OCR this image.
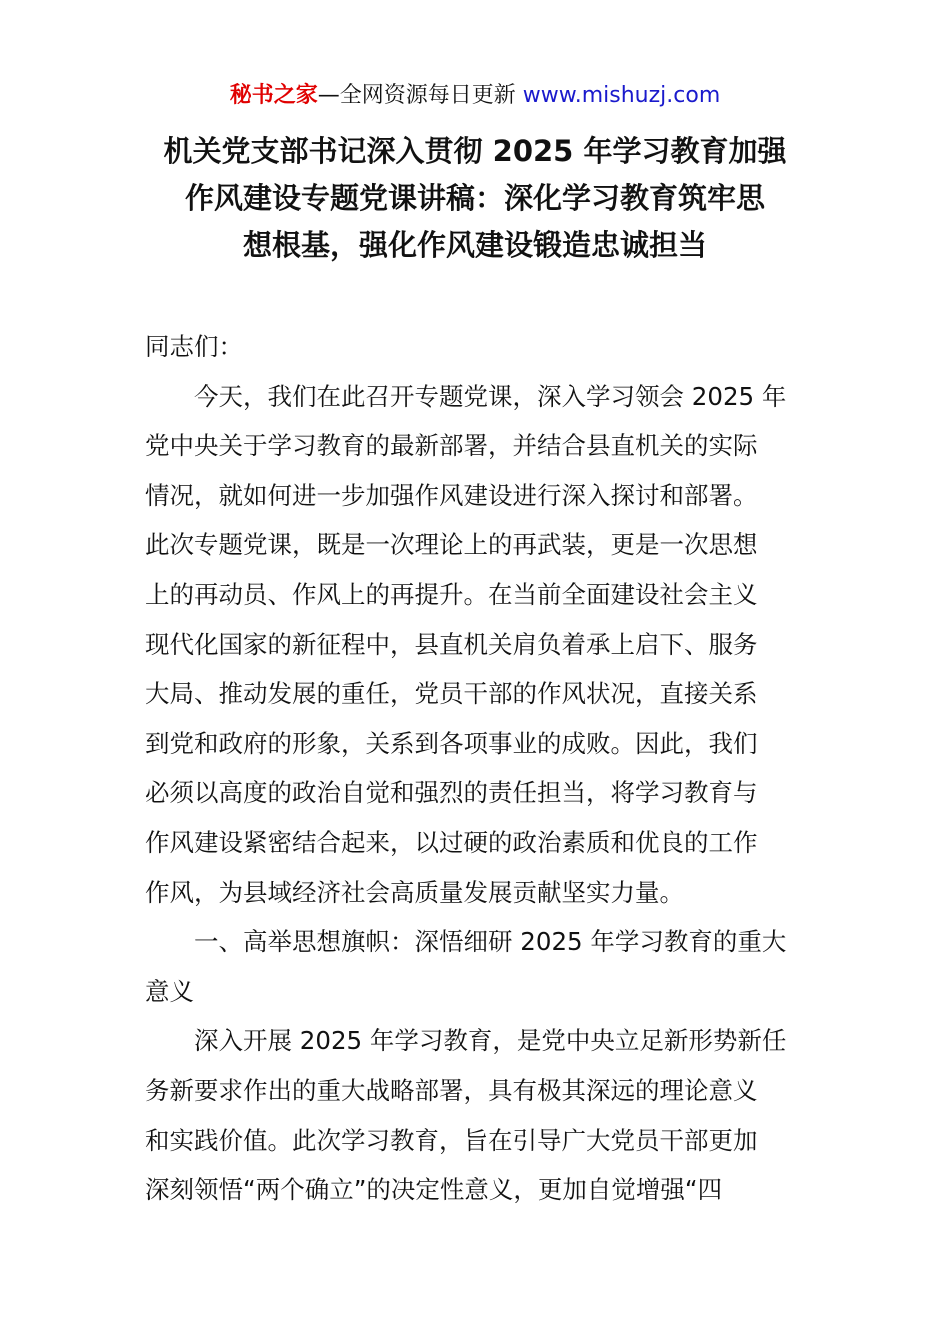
秘书之家—全网资源每日更新 www.mishuzj.com
机关党支部书记深入贯彻 2025 年学习教育加强
作风建设专题党课讲稿：深化学习教育筑牢思
想根基，强化作风建设锻造忠诚担当
同志们：
今天，我们在此召开专题党课，深入学习领会 2025 年
党中央关于学习教育的最新部署，并结合县直机关的实际
情况，就如何进一步加强作风建设进行深入探讨和部署。
此次专题党课，既是一次理论上的再武装，更是一次思想
上的再动员、作风上的再提升。在当前全面建设社会主义
现代化国家的新征程中，县直机关肩负着承上启下、服务
大局、推动发展的重任，党员干部的作风状况，直接关系
到党和政府的形象，关系到各项事业的成败。因此，我们
必须以高度的政治自觉和强烈的责任担当，将学习教育与
作风建设紧密结合起来，以过硬的政治素质和优良的工作
作风，为县域经济社会高质量发展贡献坚实力量。
一、高举思想旗帜：深悟细研 2025 年学习教育的重大
意义
深入开展 2025 年学习教育，是党中央立足新形势新任
务新要求作出的重大战略部署，具有极其深远的理论意义
和实践价值。此次学习教育，旨在引导广大党员干部更加
深刻领悟“两个确立”的决定性意义，更加自觉增强“四
